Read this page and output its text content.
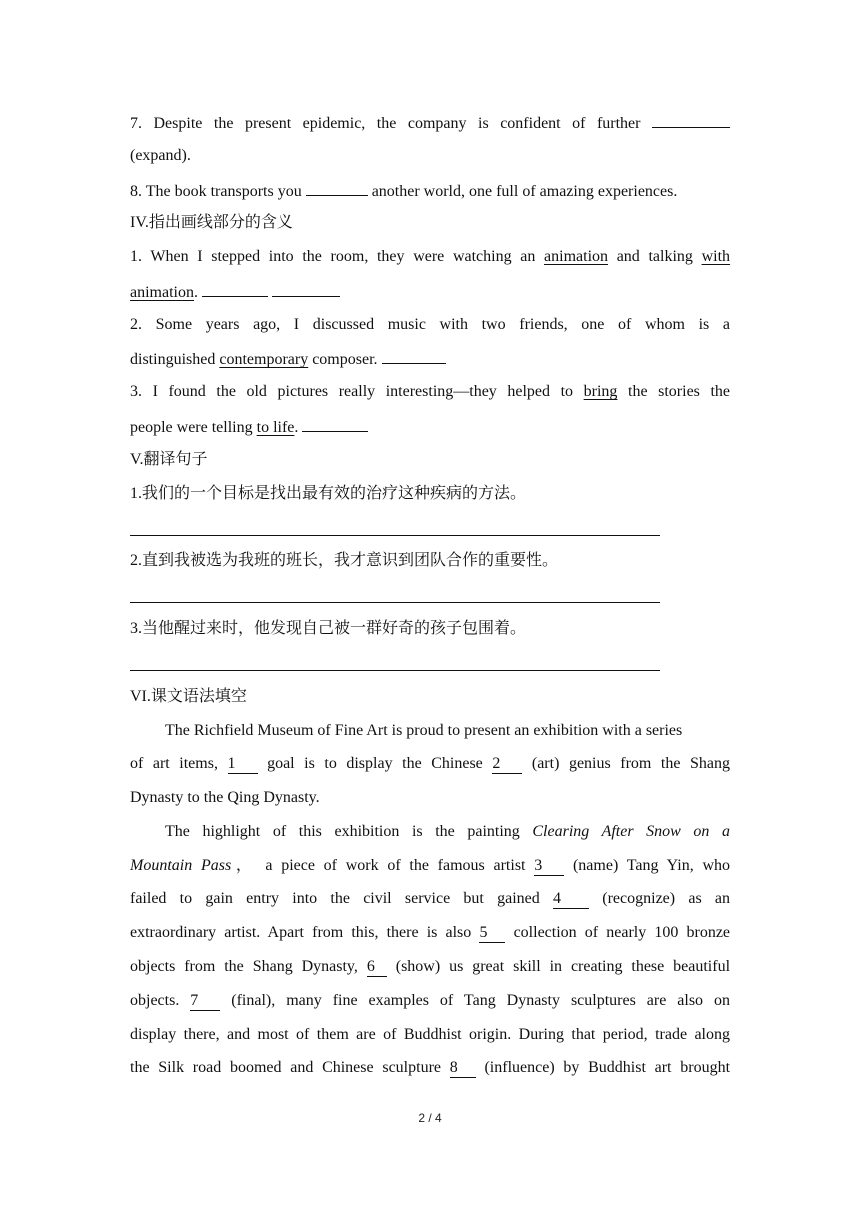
7. Despite the present epidemic, the company is confident of further
(expand).
8. The book transports you	another world, one full of amazing experiences.
IV.指出画线部分的含义
1. When I stepped into the room, they were watching an animation and talking with
animation.
2. Some years ago, I discussed music with two friends, one of whom is a
distinguished contemporary composer.
3. I found the old pictures really interesting—they helped to bring the stories the
people were telling to life.
V.翻译句子
1.我们的一个目标是找出最有效的治疗这种疾病的方法。
2.直到我被选为我班的班长，我才意识到团队合作的重要性。
3.当他醒过来时，他发现自己被一群好奇的孩子包围着。
VI.课文语法填空
The Richfield Museum of Fine Art is proud to present an exhibition with a series
of art items, 1 goal is to display the Chinese 2 (art) genius from the Shang
Dynasty to the Qing Dynasty.
The highlight of this exhibition is the painting Clearing After Snow on a
Mountain Pass， a piece of work of the famous artist 3 (name) Tang Yin, who
failed to gain entry into the civil service but gained 4	(recognize) as an
extraordinary artist. Apart from this, there is also 5 collection of nearly 100 bronze
objects from the Shang Dynasty, 6 (show) us great skill in creating these beautiful
objects. 7 (final), many fine examples of Tang Dynasty sculptures are also on
display there, and most of them are of Buddhist origin. During that period, trade along
the Silk road boomed and Chinese sculpture 8 (influence) by Buddhist art brought
2 / 4
